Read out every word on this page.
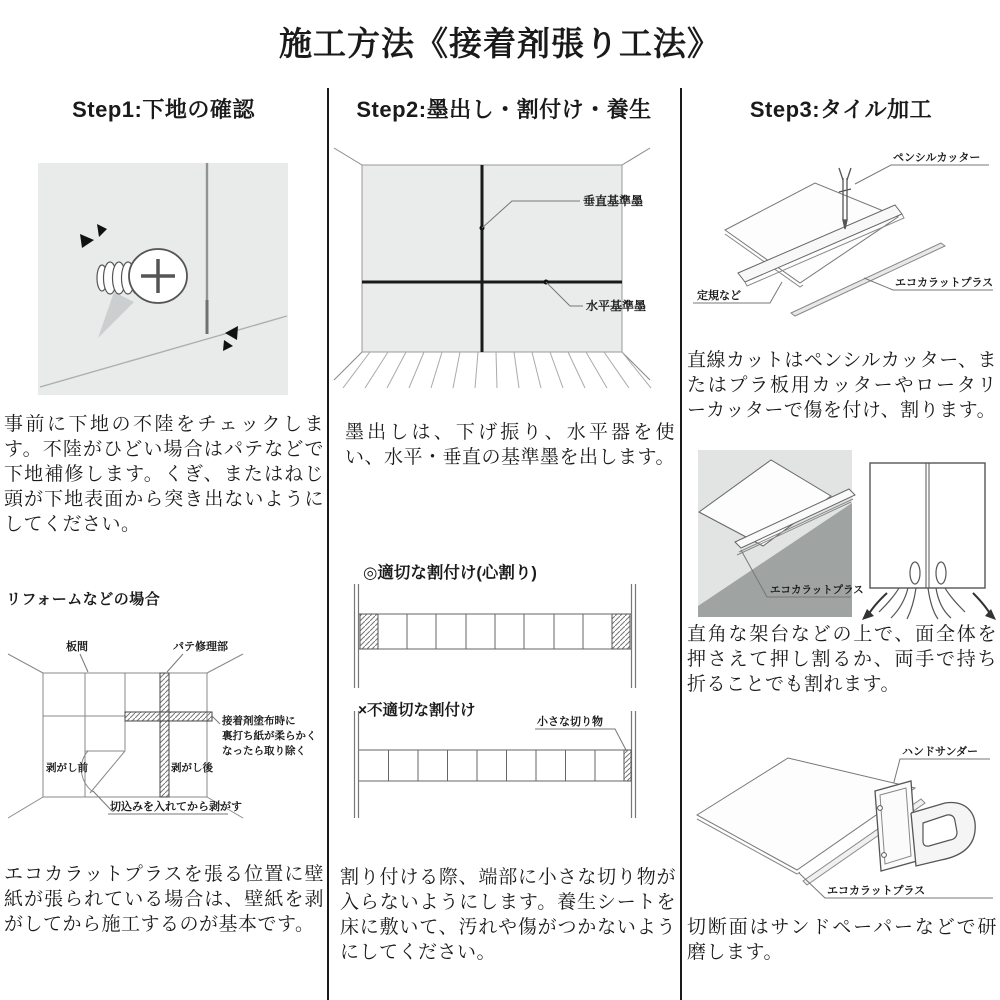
施工方法《接着剤張り工法》
Step1:下地の確認	Step2:墨出し・割付け・養生	Step3:タイル加工
事前に下地の不陸をチェックします。不陸がひどい場合はパテなどで下地補修します。くぎ、またはねじ頭が下地表面から突き出ないようにしてください。
リフォームなどの場合
板間	パテ修理部
接着剤塗布時に
裏打ち紙が柔らかく
なったら取り除く
剥がし前	剥がし後
切込みを入れてから剥がす
エコカラットプラスを張る位置に壁紙が張られている場合は、壁紙を剥がしてから施工するのが基本です。
垂直基準墨
水平基準墨
墨出しは、下げ振り、水平器を使い、水平・垂直の基準墨を出します。
◎適切な割付け(心割り)
×不適切な割付け
小さな切り物
割り付ける際、端部に小さな切り物が入らないようにします。養生シートを床に敷いて、汚れや傷がつかないようにしてください。
ペンシルカッター
定規など
エコカラットプラス
直線カットはペンシルカッター、またはプラ板用カッターやロータリーカッターで傷を付け、割ります。
エコカラットプラス
直角な架台などの上で、面全体を押さえて押し割るか、両手で持ち折ることでも割れます。
ハンドサンダー
エコカラットプラス
切断面はサンドペーパーなどで研磨します。
